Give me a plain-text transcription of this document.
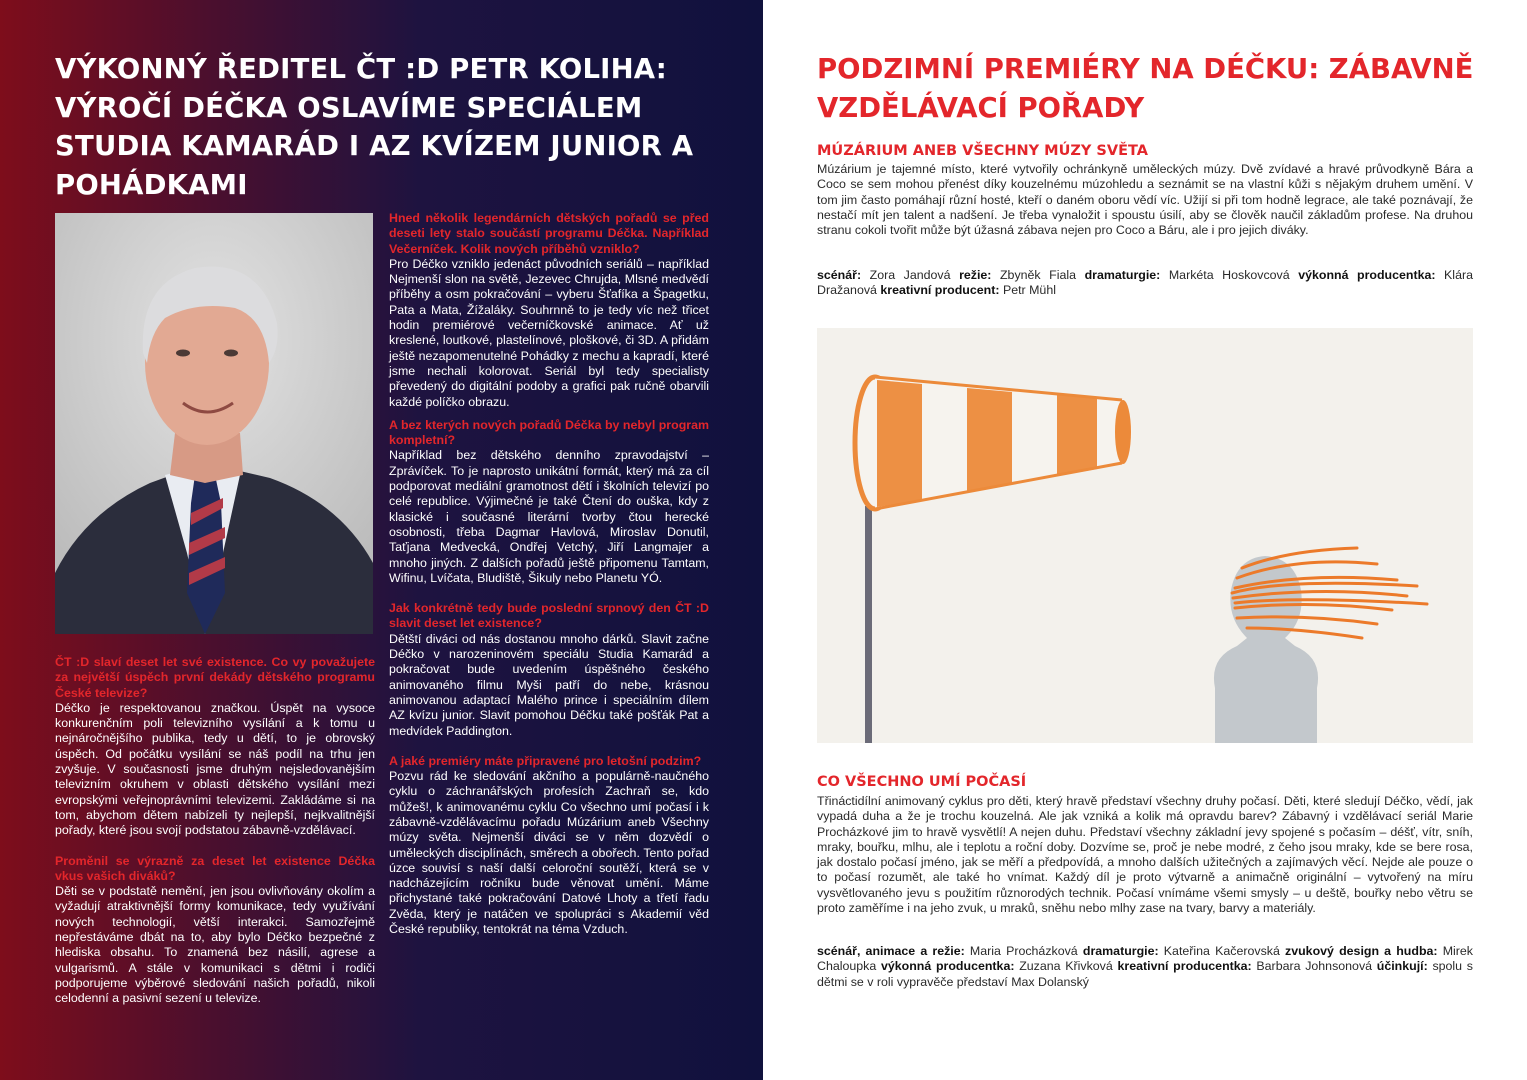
VÝKONNÝ ŘEDITEL ČT :D PETR KOLIHA: VÝROČÍ DÉČKA OSLAVÍME SPECIÁLEM STUDIA KAMARÁD I AZ KVÍZEM JUNIOR A POHÁDKAMI
ČT :D slaví deset let své existence. Co vy považujete za největší úspěch první dekády dětského programu České televize?
Déčko je respektovanou značkou. Úspět na vysoce konkurenčním poli televizního vysílání a k tomu u nejnáročnějšího publika, tedy u dětí, to je obrovský úspěch. Od počátku vysílání se náš podíl na trhu jen zvyšuje. V současnosti jsme druhým nejsledovanějším televizním okruhem v oblasti dětského vysílání mezi evropskými veřejnoprávními televizemi. Zakládáme si na tom, abychom dětem nabízeli ty nejlepší, nejkvalitnější pořady, které jsou svojí podstatou zábavně-vzdělávací.
Proměnil se výrazně za deset let existence Déčka vkus vašich diváků?
Děti se v podstatě nemění, jen jsou ovlivňovány okolím a vyžadují atraktivnější formy komunikace, tedy využívání nových technologií, větší interakci. Samozřejmě nepřestáváme dbát na to, aby bylo Déčko bezpečné z hlediska obsahu. To znamená bez násilí, agrese a vulgarismů. A stále v komunikaci s dětmi i rodiči podporujeme výběrové sledování našich pořadů, nikoli celodenní a pasivní sezení u televize.
Hned několik legendárních dětských pořadů se před deseti lety stalo součástí programu Déčka. Například Večerníček. Kolik nových příběhů vzniklo?
Pro Déčko vzniklo jedenáct původních seriálů – například Nejmenší slon na světě, Jezevec Chrujda, Mlsné medvědí příběhy a osm pokračování – vyberu Šťafíka a Špagetku, Pata a Mata, Žížaláky. Souhrnně to je tedy víc než třicet hodin premiérové večerníčkovské animace. Ať už kreslené, loutkové, plastelínové, ploškové, či 3D. A přidám ještě nezapomenutelné Pohádky z mechu a kapradí, které jsme nechali kolorovat. Seriál byl tedy specialisty převedený do digitální podoby a grafici pak ručně obarvili každé políčko obrazu.
A bez kterých nových pořadů Déčka by nebyl program kompletní?
Například bez dětského denního zpravodajství – Zprávíček. To je naprosto unikátní formát, který má za cíl podporovat mediální gramotnost dětí i školních televizí po celé republice. Výjimečné je také Čtení do ouška, kdy z klasické i současné literární tvorby čtou herecké osobnosti, třeba Dagmar Havlová, Miroslav Donutil, Taťjana Medvecká, Ondřej Vetchý, Jiří Langmajer a mnoho jiných. Z dalších pořadů ještě připomenu Tamtam, Wifinu, Lvíčata, Bludiště, Šikuly nebo Planetu YÓ.
Jak konkrétně tedy bude poslední srpnový den ČT :D slavit deset let existence?
Dětští diváci od nás dostanou mnoho dárků. Slavit začne Déčko v narozeninovém speciálu Studia Kamarád a pokračovat bude uvedením úspěšného českého animovaného filmu Myši patří do nebe, krásnou animovanou adaptací Malého prince i speciálním dílem AZ kvízu junior. Slavit pomohou Déčku také pošťák Pat a medvídek Paddington.
A jaké premiéry máte připravené pro letošní podzim?
Pozvu rád ke sledování akčního a populárně-naučného cyklu o záchranářských profesích Zachraň se, kdo můžeš!, k animovanému cyklu Co všechno umí počasí i k zábavně-vzdělávacímu pořadu Múzárium aneb Všechny múzy světa. Nejmenší diváci se v něm dozvědí o uměleckých disciplínách, směrech a obořech. Tento pořad úzce souvisí s naší další celoroční soutěží, která se v nadcházejícím ročníku bude věnovat umění. Máme přichystané také pokračování Datové Lhoty a třetí řadu Zvěda, který je natáčen ve spolupráci s Akademií věd České republiky, tentokrát na téma Vzduch.
PODZIMNÍ PREMIÉRY NA DÉČKU: ZÁBAVNĚ VZDĚLÁVACÍ POŘADY
MÚZÁRIUM ANEB VŠECHNY MÚZY SVĚTA

Múzárium je tajemné místo, které vytvořily ochránkyně uměleckých múzy. Dvě zvídavé a hravé průvodkyně Bára a Coco se sem mohou přenést díky kouzelnému múzohledu a seznámit se na vlastní kůži s nějakým druhem umění. V tom jim často pomáhají různí hosté, kteří o daném oboru vědí víc. Užijí si při tom hodně legrace, ale také poznávají, že nestačí mít jen talent a nadšení. Je třeba vynaložit i spoustu úsilí, aby se člověk naučil základům profese. Na druhou stranu cokoli tvořit může být úžasná zábava nejen pro Coco a Báru, ale i pro jejich diváky.

scénář: Zora Jandová režie: Zbyněk Fiala dramaturgie: Markéta Hoskovcová výkonná producentka: Klára Dražanová kreativní producent: Petr Mühl

CO VŠECHNO UMÍ POČASÍ

Třináctidílní animovaný cyklus pro děti, který hravě představí všechny druhy počasí. Děti, které sledují Déčko, vědí, jak vypadá duha a že je trochu kouzelná. Ale jak vzniká a kolik má opravdu barev? Zábavný i vzdělávací seriál Marie Procházkové jim to hravě vysvětlí! A nejen duhu. Představí všechny základní jevy spojené s počasím – déšť, vítr, sníh, mraky, bouřku, mlhu, ale i teplotu a roční doby. Dozvíme se, proč je nebe modré, z čeho jsou mraky, kde se bere rosa, jak dostalo počasí jméno, jak se měří a předpovídá, a mnoho dalších užitečných a zajímavých věcí. Nejde ale pouze o to počasí rozumět, ale také ho vnímat. Každý díl je proto výtvarně a animačně originální – vytvořený na míru vysvětlovaného jevu s použitím různorodých technik. Počasí vnímáme všemi smysly – u deště, bouřky nebo větru se proto zaměříme i na jeho zvuk, u mraků, sněhu nebo mlhy zase na tvary, barvy a materiály.

scénář, animace a režie: Maria Procházková dramaturgie: Kateřina Kačerovská zvukový design a hudba: Mirek Chaloupka výkonná producentka: Zuzana Křivková kreativní producentka: Barbara Johnsonová účinkují: spolu s dětmi se v roli vypravěče představí Max Dolanský
